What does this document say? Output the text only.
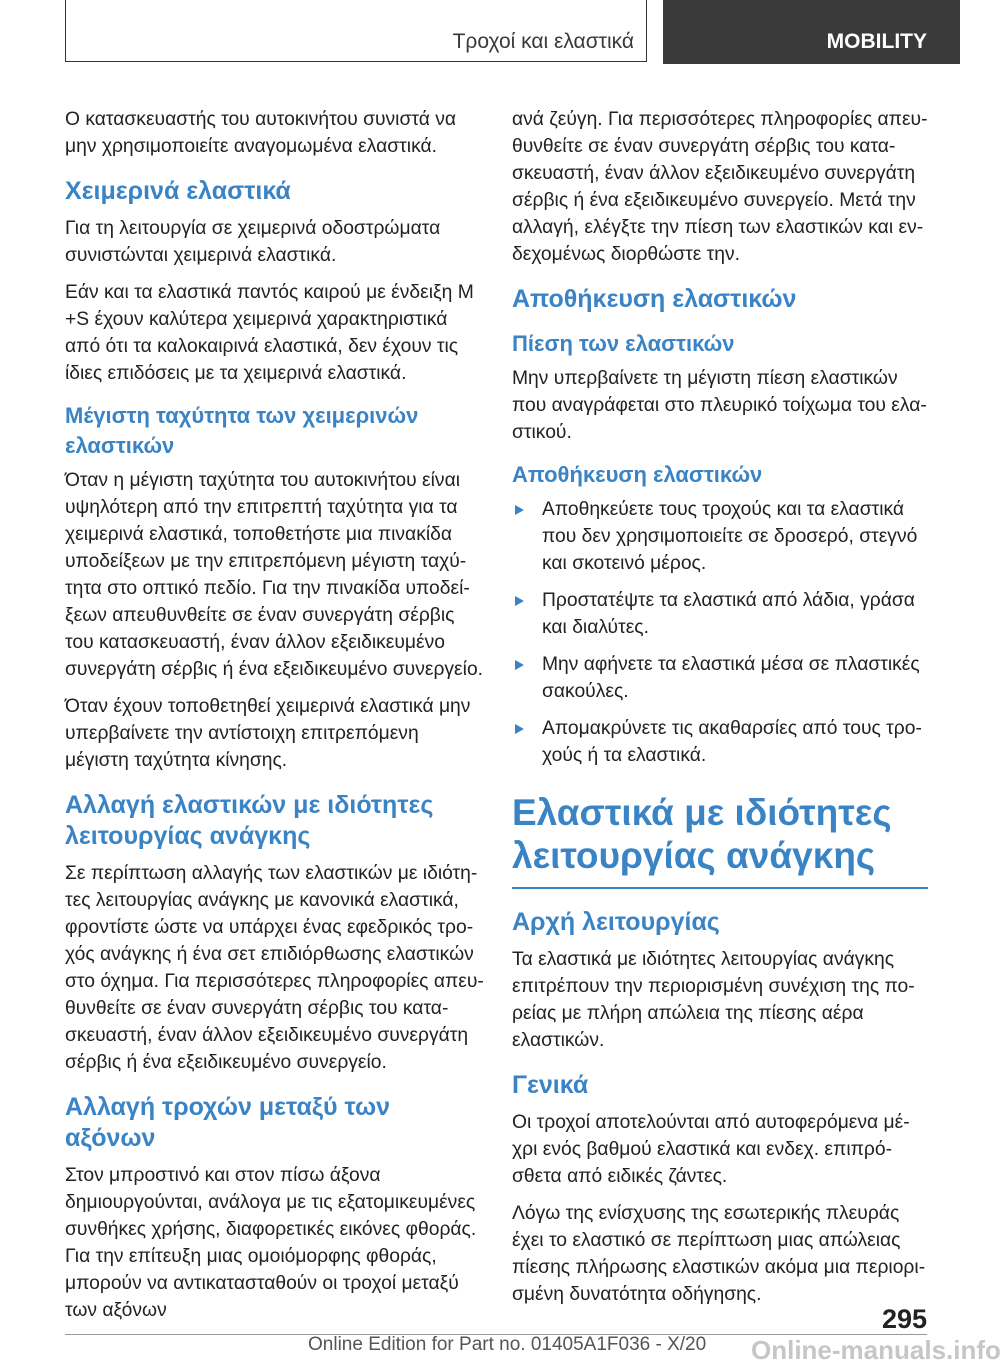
Τροχοί και ελαστικά	MOBILITY

Ο κατασκευαστής του αυτοκινήτου συνιστά να μην χρησιμοποιείτε αναγομωμένα ελαστικά.

Χειμερινά ελαστικά

Για τη λειτουργία σε χειμερινά οδοστρώματα συνιστώνται χειμερινά ελαστικά.

Εάν και τα ελαστικά παντός καιρού με ένδειξη M +S έχουν καλύτερα χειμερινά χαρακτηριστικά από ότι τα καλοκαιρινά ελαστικά, δεν έχουν τις ίδιες επιδόσεις με τα χειμερινά ελαστικά.

Μέγιστη ταχύτητα των χειμερινών ελαστικών

Όταν η μέγιστη ταχύτητα του αυτοκινήτου είναι υψηλότερη από την επιτρεπτή ταχύτητα για τα χειμερινά ελαστικά, τοποθετήστε μια πινακίδα υποδείξεων με την επιτρεπόμενη μέγιστη ταχύτητα στο οπτικό πεδίο. Για την πινακίδα υποδείξεων απευθυνθείτε σε έναν συνεργάτη σέρβις του κατασκευαστή, έναν άλλον εξειδικευμένο συνεργάτη σέρβις ή ένα εξειδικευμένο συνεργείο.

Όταν έχουν τοποθετηθεί χειμερινά ελαστικά μην υπερβαίνετε την αντίστοιχη επιτρεπόμενη μέγιστη ταχύτητα κίνησης.

Αλλαγή ελαστικών με ιδιότητες λειτουργίας ανάγκης

Σε περίπτωση αλλαγής των ελαστικών με ιδιότητες λειτουργίας ανάγκης με κανονικά ελαστικά, φροντίστε ώστε να υπάρχει ένας εφεδρικός τροχός ανάγκης ή ένα σετ επιδιόρθωσης ελαστικών στο όχημα. Για περισσότερες πληροφορίες απευθυνθείτε σε έναν συνεργάτη σέρβις του κατασκευαστή, έναν άλλον εξειδικευμένο συνεργάτη σέρβις ή ένα εξειδικευμένο συνεργείο.

Αλλαγή τροχών μεταξύ των αξόνων

Στον μπροστινό και στον πίσω άξονα δημιουργούνται, ανάλογα με τις εξατομικευμένες συνθήκες χρήσης, διαφορετικές εικόνες φθοράς. Για την επίτευξη μιας ομοιόμορφης φθοράς, μπορούν να αντικατασταθούν οι τροχοί μεταξύ των αξόνων

ανά ζεύγη. Για περισσότερες πληροφορίες απευθυνθείτε σε έναν συνεργάτη σέρβις του κατασκευαστή, έναν άλλον εξειδικευμένο συνεργάτη σέρβις ή ένα εξειδικευμένο συνεργείο. Μετά την αλλαγή, ελέγξτε την πίεση των ελαστικών και ενδεχομένως διορθώστε την.

Αποθήκευση ελαστικών
Πίεση των ελαστικών

Μην υπερβαίνετε τη μέγιστη πίεση ελαστικών που αναγράφεται στο πλευρικό τοίχωμα του ελαστικού.

Αποθήκευση ελαστικών
Αποθηκεύετε τους τροχούς και τα ελαστικά που δεν χρησιμοποιείτε σε δροσερό, στεγνό και σκοτεινό μέρος.
Προστατέψτε τα ελαστικά από λάδια, γράσα και διαλύτες.
Μην αφήνετε τα ελαστικά μέσα σε πλαστικές σακούλες.
Απομακρύνετε τις ακαθαρσίες από τους τροχούς ή τα ελαστικά.
Ελαστικά με ιδιότητες λειτουργίας ανάγκης
Αρχή λειτουργίας

Τα ελαστικά με ιδιότητες λειτουργίας ανάγκης επιτρέπουν την περιορισμένη συνέχιση της πορείας με πλήρη απώλεια της πίεσης αέρα ελαστικών.

Γενικά

Οι τροχοί αποτελούνται από αυτοφερόμενα μέχρι ενός βαθμού ελαστικά και ενδεχ. επιπρόσθετα από ειδικές ζάντες.

Λόγω της ενίσχυσης της εσωτερικής πλευράς έχει το ελαστικό σε περίπτωση μιας απώλειας πίεσης πλήρωσης ελαστικών ακόμα μια περιορισμένη δυνατότητα οδήγησης.

295
Online Edition for Part no. 01405A1F036 - X/20 Online-manuals.info
